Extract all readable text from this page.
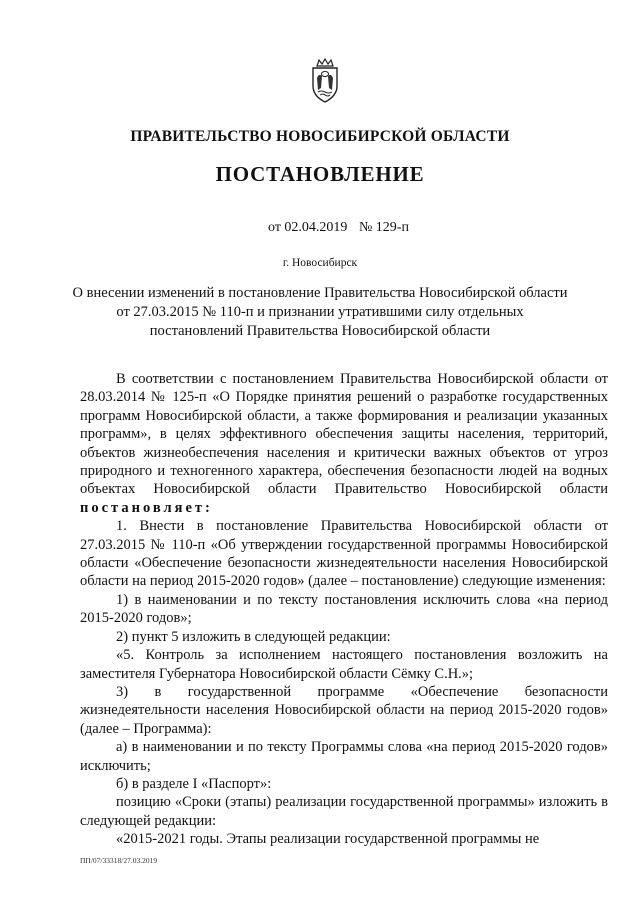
ПРАВИТЕЛЬСТВО НОВОСИБИРСКОЙ ОБЛАСТИ
ПОСТАНОВЛЕНИЕ
от 02.04.2019 № 129-п
г. Новосибирск
О внесении изменений в постановление Правительства Новосибирской области от 27.03.2015 № 110-п и признании утратившими силу отдельных постановлений Правительства Новосибирской области

В соответствии с постановлением Правительства Новосибирской области от 28.03.2014 № 125-п «О Порядке принятия решений о разработке государственных программ Новосибирской области, а также формирования и реализации указанных программ», в целях эффективного обеспечения защиты населения, территорий, объектов жизнеобеспечения населения и критически важных объектов от угроз природного и техногенного характера, обеспечения безопасности людей на водных объектах Новосибирской области Правительство Новосибирской области постановляет:

1. Внести в постановление Правительства Новосибирской области от 27.03.2015 № 110-п «Об утверждении государственной программы Новосибирской области «Обеспечение безопасности жизнедеятельности населения Новосибирской области на период 2015-2020 годов» (далее – постановление) следующие изменения:

1) в наименовании и по тексту постановления исключить слова «на период 2015-2020 годов»;

2) пункт 5 изложить в следующей редакции:

«5. Контроль за исполнением настоящего постановления возложить на заместителя Губернатора Новосибирской области Сёмку С.Н.»;

3) в государственной программе «Обеспечение безопасности жизнедеятельности населения Новосибирской области на период 2015-2020 годов» (далее – Программа):

а) в наименовании и по тексту Программы слова «на период 2015-2020 годов» исключить;

б) в разделе I «Паспорт»:

позицию «Сроки (этапы) реализации государственной программы» изложить в следующей редакции:

«2015-2021 годы. Этапы реализации государственной программы не

ПП/07/33318/27.03.2019
